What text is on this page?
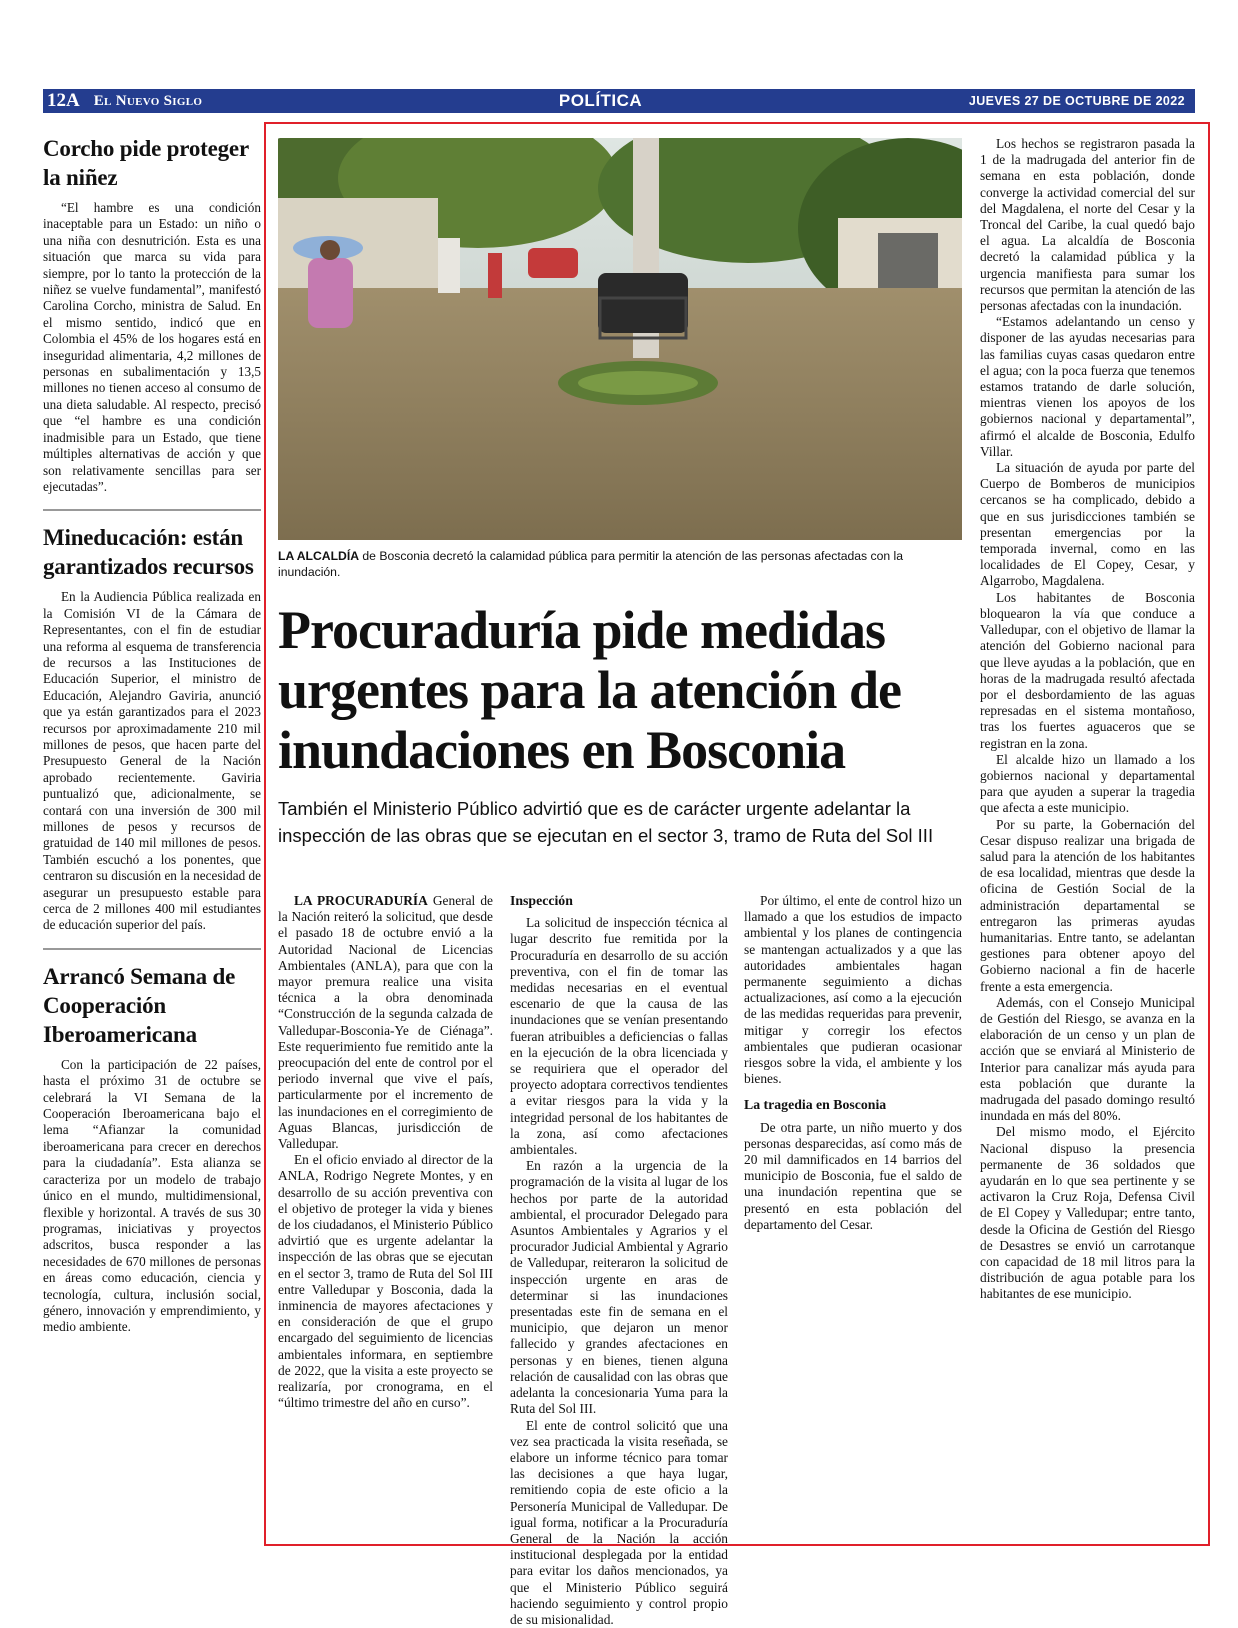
12A El Nuevo Siglo	POLÍTICA	JUEVES 27 DE OCTUBRE DE 2022
Corcho pide proteger la niñez

“El hambre es una condición inaceptable para un Estado: un niño o una niña con desnutrición. Esta es una situación que marca su vida para siempre, por lo tanto la protección de la niñez se vuelve fundamental”, manifestó Carolina Corcho, ministra de Salud. En el mismo sentido, indicó que en Colombia el 45% de los hogares está en inseguridad alimentaria, 4,2 millones de personas en subalimentación y 13,5 millones no tienen acceso al consumo de una dieta saludable. Al respecto, precisó que “el hambre es una condición inadmisible para un Estado, que tiene múltiples alternativas de acción y que son relativamente sencillas para ser ejecutadas”.

Mineducación: están garantizados recursos

En la Audiencia Pública realizada en la Comisión VI de la Cámara de Representantes, con el fin de estudiar una reforma al esquema de transferencia de recursos a las Instituciones de Educación Superior, el ministro de Educación, Alejandro Gaviria, anunció que ya están garantizados para el 2023 recursos por aproximadamente 210 mil millones de pesos, que hacen parte del Presupuesto General de la Nación aprobado recientemente. Gaviria puntualizó que, adicionalmente, se contará con una inversión de 300 mil millones de pesos y recursos de gratuidad de 140 mil millones de pesos. También escuchó a los ponentes, que centraron su discusión en la necesidad de asegurar un presupuesto estable para cerca de 2 millones 400 mil estudiantes de educación superior del país.

Arrancó Semana de Cooperación Iberoamericana

Con la participación de 22 países, hasta el próximo 31 de octubre se celebrará la VI Semana de la Cooperación Iberoamericana bajo el lema “Afianzar la comunidad iberoamericana para crecer en derechos para la ciudadanía”. Esta alianza se caracteriza por un modelo de trabajo único en el mundo, multidimensional, flexible y horizontal. A través de sus 30 programas, iniciativas y proyectos adscritos, busca responder a las necesidades de 670 millones de personas en áreas como educación, ciencia y tecnología, cultura, inclusión social, género, innovación y emprendimiento, y medio ambiente.

LA ALCALDÍA de Bosconia decretó la calamidad pública para permitir la atención de las personas afectadas con la inundación.
Procuraduría pide medidas urgentes para la atención de inundaciones en Bosconia

También el Ministerio Público advirtió que es de carácter urgente adelantar la inspección de las obras que se ejecutan en el sector 3, tramo de Ruta del Sol III

LA PROCURADURÍA General de la Nación reiteró la solicitud, que desde el pasado 18 de octubre envió a la Autoridad Nacional de Licencias Ambientales (ANLA), para que con la mayor premura realice una visita técnica a la obra denominada “Construcción de la segunda calzada de Valledupar-Bosconia-Ye de Ciénaga”. Este requerimiento fue remitido ante la preocupación del ente de control por el periodo invernal que vive el país, particularmente por el incremento de las inundaciones en el corregimiento de Aguas Blancas, jurisdicción de Valledupar.

En el oficio enviado al director de la ANLA, Rodrigo Negrete Montes, y en desarrollo de su acción preventiva con el objetivo de proteger la vida y bienes de los ciudadanos, el Ministerio Público advirtió que es urgente adelantar la inspección de las obras que se ejecutan en el sector 3, tramo de Ruta del Sol III entre Valledupar y Bosconia, dada la inminencia de mayores afectaciones y en consideración de que el grupo encargado del seguimiento de licencias ambientales informara, en septiembre de 2022, que la visita a este proyecto se realizaría, por cronograma, en el “último trimestre del año en curso”.

Inspección

La solicitud de inspección técnica al lugar descrito fue remitida por la Procuraduría en desarrollo de su acción preventiva, con el fin de tomar las medidas necesarias en el eventual escenario de que la causa de las inundaciones que se venían presentando fueran atribuibles a deficiencias o fallas en la ejecución de la obra licenciada y se requiriera que el operador del proyecto adoptara correctivos tendientes a evitar riesgos para la vida y la integridad personal de los habitantes de la zona, así como afectaciones ambientales.

En razón a la urgencia de la programación de la visita al lugar de los hechos por parte de la autoridad ambiental, el procurador Delegado para Asuntos Ambientales y Agrarios y el procurador Judicial Ambiental y Agrario de Valledupar, reiteraron la solicitud de inspección urgente en aras de determinar si las inundaciones presentadas este fin de semana en el municipio, que dejaron un menor fallecido y grandes afectaciones en personas y en bienes, tienen alguna relación de causalidad con las obras que adelanta la concesionaria Yuma para la Ruta del Sol III.

El ente de control solicitó que una vez sea practicada la visita reseñada, se elabore un informe técnico para tomar las decisiones a que haya lugar, remitiendo copia de este oficio a la Personería Municipal de Valledupar. De igual forma, notificar a la Procuraduría General de la Nación la acción institucional desplegada por la entidad para evitar los daños mencionados, ya que el Ministerio Público seguirá haciendo seguimiento y control propio de su misionalidad.

Por último, el ente de control hizo un llamado a que los estudios de impacto ambiental y los planes de contingencia se mantengan actualizados y a que las autoridades ambientales hagan permanente seguimiento a dichas actualizaciones, así como a la ejecución de las medidas requeridas para prevenir, mitigar y corregir los efectos ambientales que pudieran ocasionar riesgos sobre la vida, el ambiente y los bienes.

La tragedia en Bosconia

De otra parte, un niño muerto y dos personas desparecidas, así como más de 20 mil damnificados en 14 barrios del municipio de Bosconia, fue el saldo de una inundación repentina que se presentó en esta población del departamento del Cesar.

Los hechos se registraron pasada la 1 de la madrugada del anterior fin de semana en esta población, donde converge la actividad comercial del sur del Magdalena, el norte del Cesar y la Troncal del Caribe, la cual quedó bajo el agua. La alcaldía de Bosconia decretó la calamidad pública y la urgencia manifiesta para sumar los recursos que permitan la atención de las personas afectadas con la inundación.

“Estamos adelantando un censo y disponer de las ayudas necesarias para las familias cuyas casas quedaron entre el agua; con la poca fuerza que tenemos estamos tratando de darle solución, mientras vienen los apoyos de los gobiernos nacional y departamental”, afirmó el alcalde de Bosconia, Edulfo Villar.

La situación de ayuda por parte del Cuerpo de Bomberos de municipios cercanos se ha complicado, debido a que en sus jurisdicciones también se presentan emergencias por la temporada invernal, como en las localidades de El Copey, Cesar, y Algarrobo, Magdalena.

Los habitantes de Bosconia bloquearon la vía que conduce a Valledupar, con el objetivo de llamar la atención del Gobierno nacional para que lleve ayudas a la población, que en horas de la madrugada resultó afectada por el desbordamiento de las aguas represadas en el sistema montañoso, tras los fuertes aguaceros que se registran en la zona.

El alcalde hizo un llamado a los gobiernos nacional y departamental para que ayuden a superar la tragedia que afecta a este municipio.

Por su parte, la Gobernación del Cesar dispuso realizar una brigada de salud para la atención de los habitantes de esa localidad, mientras que desde la oficina de Gestión Social de la administración departamental se entregaron las primeras ayudas humanitarias. Entre tanto, se adelantan gestiones para obtener apoyo del Gobierno nacional a fin de hacerle frente a esta emergencia.

Además, con el Consejo Municipal de Gestión del Riesgo, se avanza en la elaboración de un censo y un plan de acción que se enviará al Ministerio de Interior para canalizar más ayuda para esta población que durante la madrugada del pasado domingo resultó inundada en más del 80%.

Del mismo modo, el Ejército Nacional dispuso la presencia permanente de 36 soldados que ayudarán en lo que sea pertinente y se activaron la Cruz Roja, Defensa Civil de El Copey y Valledupar; entre tanto, desde la Oficina de Gestión del Riesgo de Desastres se envió un carrotanque con capacidad de 18 mil litros para la distribución de agua potable para los habitantes de ese municipio.
